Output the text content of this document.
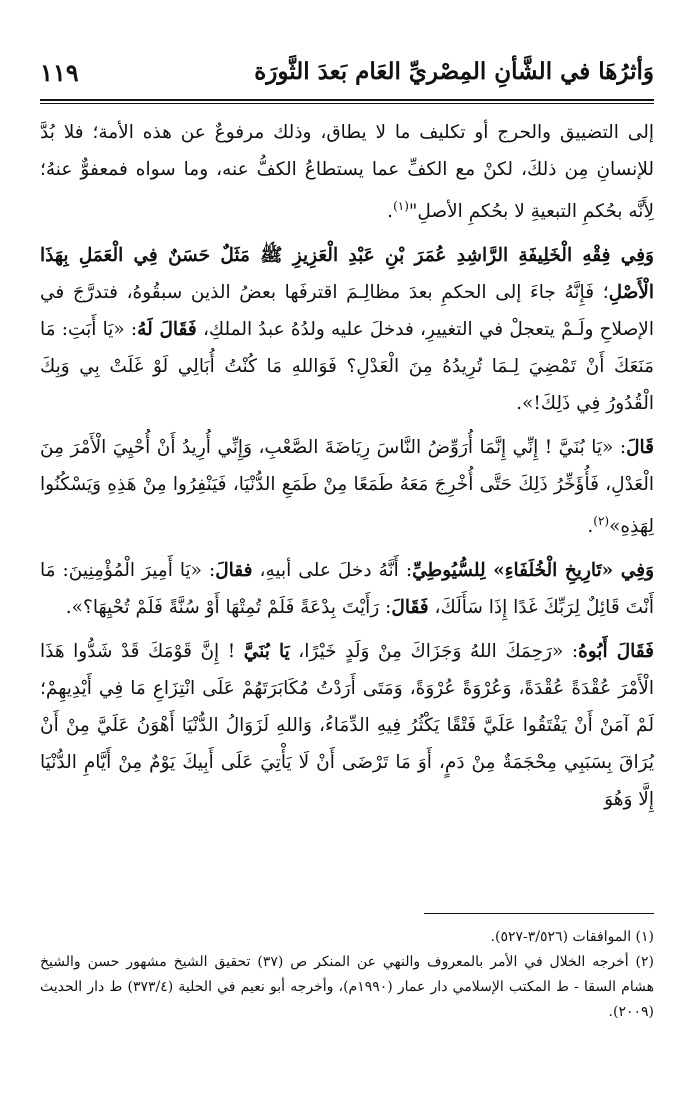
وَأثرُهَا في الشَّأنِ المِصْريِّ العَام بَعدَ الثَّورَة
١١٩

إلى التضييق والحرج أو تكليف ما لا يطاق، وذلك مرفوعٌ عن هذه الأمة؛ فلا بُدَّ للإنسانِ مِن ذلكَ، لكنْ مع الكفِّ عما يستطاعُ الكفُّ عنه، وما سواه فمعفوٌّ عنهُ؛ لِأَنَّه بحُكمِ التبعيةِ لا بحُكمِ الأصلِ"$^{(١)}$.

وَفِي فِقْهِ الْخَلِيفَةِ الرَّاشِدِ عُمَرَ بْنِ عَبْدِ الْعَزِيزِ ﷺ مَثَلٌ حَسَنٌ فِي الْعَمَلِ بِهَذَا الْأَصْلِ؛ فَإِنَّهُ جاءَ إلى الحكمِ بعدَ مظالِـمَ اقترفَها بعضُ الذين سبقُوهُ، فتدرَّجَ في الإصلاحِ ولَـمْ يتعجلْ في التغييرِ، فدخلَ عليه ولدُهُ عبدُ الملكِ، فَقَالَ لَهُ: «يَا أَبَتِ: مَا مَنَعَكَ أَنْ تَمْضِيَ لِـمَا تُرِيدُهُ مِنَ الْعَدْلِ؟ فَوَاللهِ مَا كُنْتُ أُبَالِي لَوْ غَلَتْ بِي وَبِكَ الْقُدُورُ فِي ذَلِكَ!».

قَالَ: «يَا بُنَيَّ ! إِنِّي إِنَّمَا أُرَوِّضُ النَّاسَ رِيَاضَةَ الصَّعْبِ، وَإِنِّي أُرِيدُ أَنْ أُحْيِيَ الْأَمْرَ مِنَ الْعَدْلِ، فَأُؤَخِّرُ ذَلِكَ حَتَّى أُخْرِجَ مَعَهُ طَمَعًا مِنْ طَمَعِ الدُّنْيَا، فَيَنْفِرُوا مِنْ هَذِهِ وَيَسْكُنُوا لِهَذِهِ»$^{(٢)}$.

وَفِي «تَارِيخِ الْخُلَفَاءِ» لِلسُّيُوطِيِّ: أَنَّهُ دخلَ على أبيهِ، فقالَ: «يَا أَمِيرَ الْمُؤْمِنِينَ: مَا أَنْتَ قَائِلٌ لِرَبِّكَ غَدًا إِذَا سَأَلَكَ، فَقَالَ: رَأَيْتَ بِدْعَةً فَلَمْ تُمِتْهَا أَوْ سُنَّةً فَلَمْ تُحْيِهَا؟».

فَقَالَ أَبُوهُ: «رَحِمَكَ اللهُ وَجَزَاكَ مِنْ وَلَدٍ خَيْرًا، يَا بُنَيَّ ! إِنَّ قَوْمَكَ قَدْ شَدُّوا هَذَا الْأَمْرَ عُقْدَةً عُقْدَةً، وَعُرْوَةً عُرْوَةً، وَمَتَى أَرَدْتُ مُكَابَرَتَهُمْ عَلَى انْتِزَاعِ مَا فِي أَيْدِيهِمْ؛ لَمْ آمَنْ أَنْ يَفْتَقُوا عَلَيَّ فَتْقًا يَكْثُرُ فِيهِ الدِّمَاءُ، وَاللهِ لَزَوَالُ الدُّنْيَا أَهْوَنُ عَلَيَّ مِنْ أَنْ يُرَاقَ بِسَبَبِي مِحْجَمَةٌ مِنْ دَمٍ، أَوَ مَا تَرْضَى أَنْ لَا يَأْتِيَ عَلَى أَبِيكَ يَوْمٌ مِنْ أَيَّامِ الدُّنْيَا إِلَّا وَهُوَ

(١) الموافقات (٣/٥٢٦-٥٢٧).

(٢) أخرجه الخلال في الأمر بالمعروف والنهي عن المنكر ص (٣٧) تحقيق الشيخ مشهور حسن والشيخ هشام السقا - ط المكتب الإسلامي دار عمار (١٩٩٠م)، وأخرجه أبو نعيم في الحلية (٣٧٣/٤) ط دار الحديث (٢٠٠٩).
